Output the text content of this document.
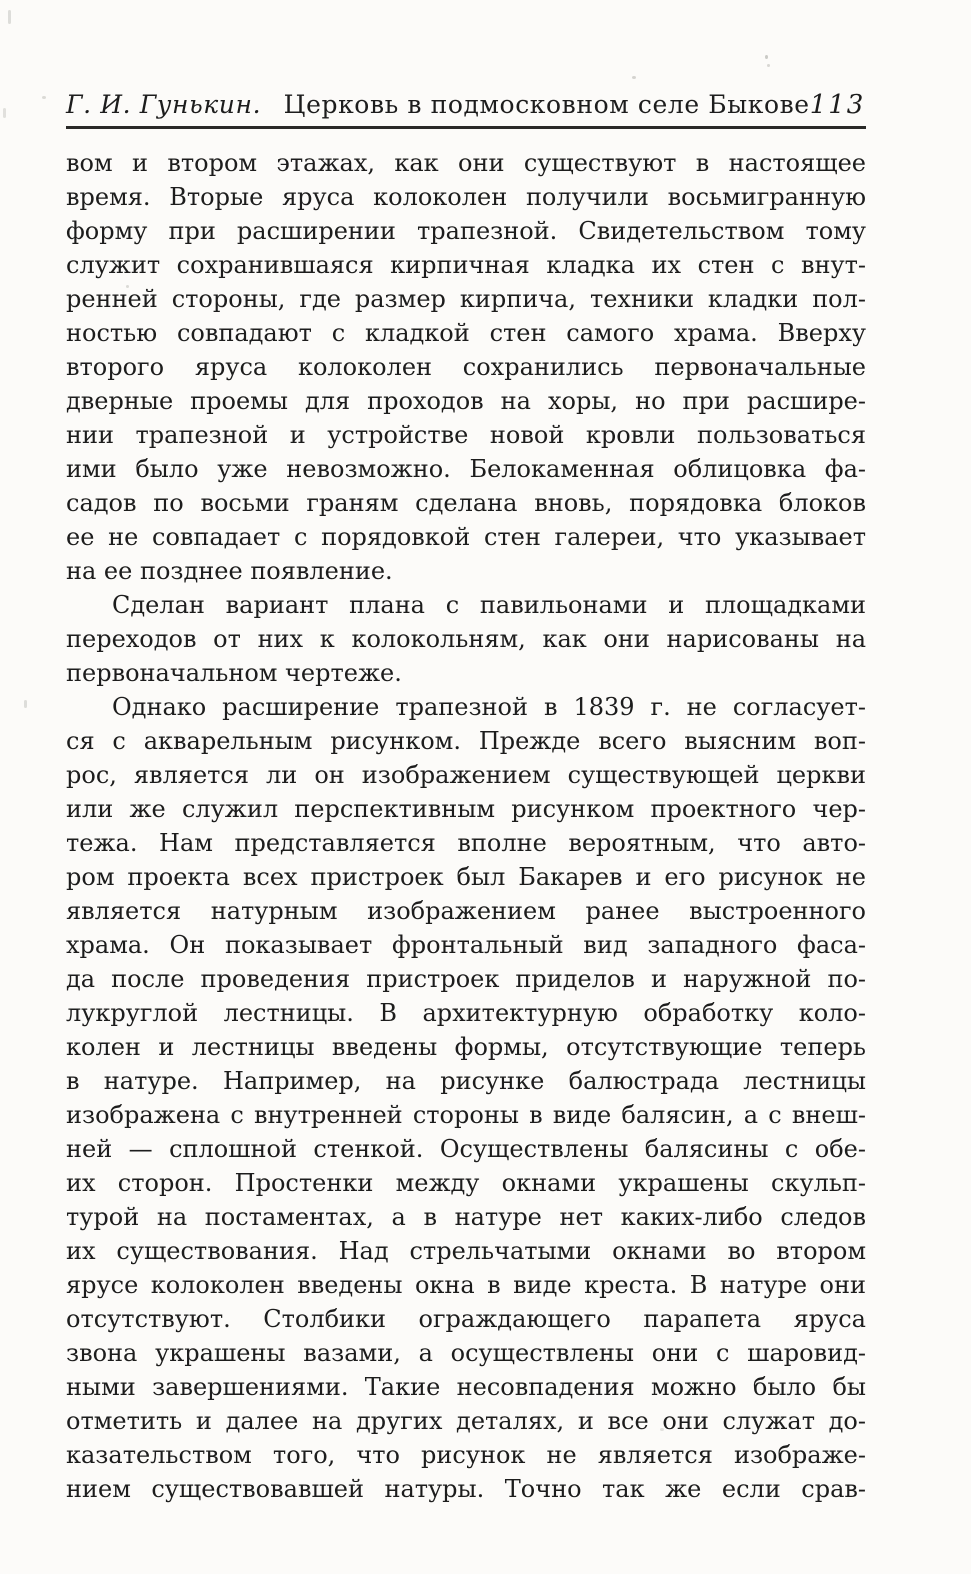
Г. И. Гунькин. Церковь в подмосковном селе Быкове 113
вом и втором этажах, как они существуют в настоящее
время. Вторые яруса колоколен получили восьмигранную
форму при расширении трапезной. Свидетельством тому
служит сохранившаяся кирпичная кладка их стен с внут-
ренней стороны, где размер кирпича, техники кладки пол-
ностью совпадают с кладкой стен самого храма. Вверху
второго яруса колоколен сохранились первоначальные
дверные проемы для проходов на хоры, но при расшире-
нии трапезной и устройстве новой кровли пользоваться
ими было уже невозможно. Белокаменная облицовка фа-
садов по восьми граням сделана вновь, порядовка блоков
ее не совпадает с порядовкой стен галереи, что указывает
на ее позднее появление.
Сделан вариант плана с павильонами и площадками
переходов от них к колокольням, как они нарисованы на
первоначальном чертеже.
Однако расширение трапезной в 1839 г. не согласует-
ся с акварельным рисунком. Прежде всего выясним воп-
рос, является ли он изображением существующей церкви
или же служил перспективным рисунком проектного чер-
тежа. Нам представляется вполне вероятным, что авто-
ром проекта всех пристроек был Бакарев и его рисунок не
является натурным изображением ранее выстроенного
храма. Он показывает фронтальный вид западного фаса-
да после проведения пристроек приделов и наружной по-
лукруглой лестницы. В архитектурную обработку коло-
колен и лестницы введены формы, отсутствующие теперь
в натуре. Например, на рисунке балюстрада лестницы
изображена с внутренней стороны в виде балясин, а с внеш-
ней — сплошной стенкой. Осуществлены балясины с обе-
их сторон. Простенки между окнами украшены скульп-
турой на постаментах, а в натуре нет каких-либо следов
их существования. Над стрельчатыми окнами во втором
ярусе колоколен введены окна в виде креста. В натуре они
отсутствуют. Столбики ограждающего парапета яруса
звона украшены вазами, а осуществлены они с шаровид-
ными завершениями. Такие несовпадения можно было бы
отметить и далее на других деталях, и все они служат до-
казательством того, что рисунок не является изображе-
нием существовавшей натуры. Точно так же если срав-
